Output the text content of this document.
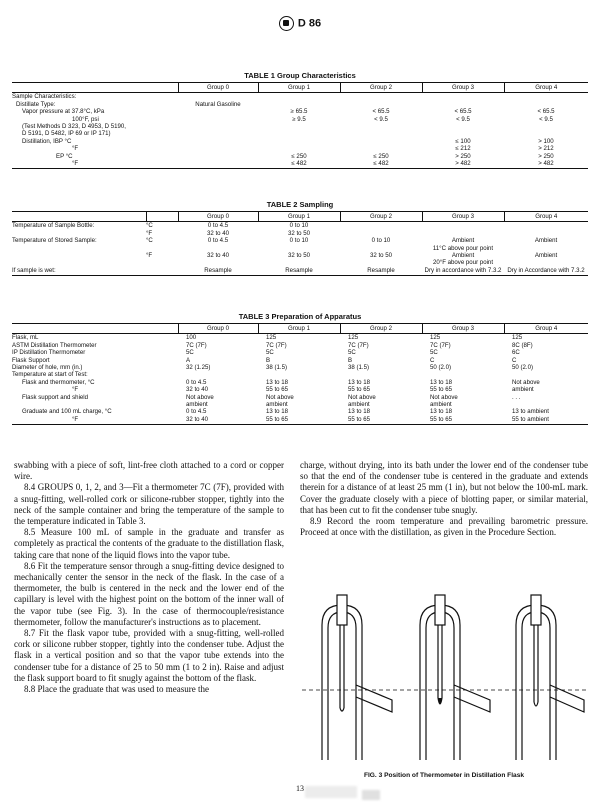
D 86
TABLE 1 Group Characteristics
	Group 0	Group 1	Group 2	Group 3	Group 4
Sample Characteristics:					
Distillate Type:	Natural Gasoline				
Vapor pressure at 37.8°C, kPa		≥ 65.5	< 65.5	< 65.5	< 65.5
100°F, psi		≥ 9.5	< 9.5	< 9.5	< 9.5
(Test Methods D 323, D 4953, D 5190,					
D 5191, D 5482, IP 69 or IP 171)					
Distillation, IBP °C				≤ 100	> 100
°F				≤ 212	> 212
EP °C		≤ 250	≤ 250	> 250	> 250
°F		≤ 482	≤ 482	> 482	> 482
TABLE 2 Sampling
		Group 0	Group 1	Group 2	Group 3	Group 4
Temperature of Sample Bottle:	°C	0 to 4.5	0 to 10			
	°F	32 to 40	32 to 50			
Temperature of Stored Sample:	°C	0 to 4.5	0 to 10	0 to 10	Ambient	Ambient
					11°C above pour point	
	°F	32 to 40	32 to 50	32 to 50	Ambient	Ambient
					20°F above pour point	
If sample is wet:		Resample	Resample	Resample	Dry in accordance with 7.3.2	Dry in Accordance with 7.3.2
TABLE 3 Preparation of Apparatus
	Group 0	Group 1	Group 2	Group 3	Group 4
Flask, mL	100	125	125	125	125
ASTM Distillation Thermometer	7C (7F)	7C (7F)	7C (7F)	7C (7F)	8C (8F)
IP Distillation Thermometer	5C	5C	5C	5C	6C
Flask Support	A	B	B	C	C
Diameter of hole, mm (in.)	32 (1.25)	38 (1.5)	38 (1.5)	50 (2.0)	50 (2.0)
Temperature at start of Test:					
Flask and thermometer, °C	0 to 4.5	13 to 18	13 to 18	13 to 18	Not above
°F	32 to 40	55 to 65	55 to 65	55 to 65	ambient
Flask support and shield	Not above	Not above	Not above	Not above	. . .
	ambient	ambient	ambient	ambient	
Graduate and 100 mL charge, °C	0 to 4.5	13 to 18	13 to 18	13 to 18	13 to ambient
°F	32 to 40	55 to 65	55 to 65	55 to 65	55 to ambient

swabbing with a piece of soft, lint-free cloth attached to a cord or copper wire.

8.4 GROUPS 0, 1, 2, and 3—Fit a thermometer 7C (7F), provided with a snug-fitting, well-rolled cork or silicone-rubber stopper, tightly into the neck of the sample container and bring the temperature of the sample to the temperature indicated in Table 3.

8.5 Measure 100 mL of sample in the graduate and transfer as completely as practical the contents of the graduate to the distillation flask, taking care that none of the liquid flows into the vapor tube.

8.6 Fit the temperature sensor through a snug-fitting device designed to mechanically center the sensor in the neck of the flask. In the case of a thermometer, the bulb is centered in the neck and the lower end of the capillary is level with the highest point on the bottom of the inner wall of the vapor tube (see Fig. 3). In the case of thermocouple/resistance thermometer, follow the manufacturer's instructions as to placement.

8.7 Fit the flask vapor tube, provided with a snug-fitting, well-rolled cork or silicone rubber stopper, tightly into the condenser tube. Adjust the flask in a vertical position and so that the vapor tube extends into the condenser tube for a distance of 25 to 50 mm (1 to 2 in). Raise and adjust the flask support board to fit snugly against the bottom of the flask.

8.8 Place the graduate that was used to measure the

charge, without drying, into its bath under the lower end of the condenser tube so that the end of the condenser tube is centered in the graduate and extends therein for a distance of at least 25 mm (1 in), but not below the 100-mL mark. Cover the graduate closely with a piece of blotting paper, or similar material, that has been cut to fit the condenser tube snugly.

8.9 Record the room temperature and prevailing barometric pressure. Proceed at once with the distillation, as given in the Procedure Section.

FIG. 3 Position of Thermometer in Distillation Flask
13
